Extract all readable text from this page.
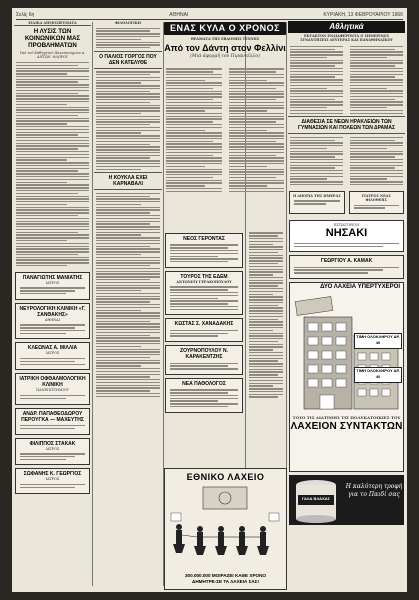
Σελίς 6η	ΑΘΗΝΑΙ	ΚΥΡΙΑΚΗ, 13 ΦΕΒΡΟΥΑΡΙΟΥ 1966
ΕΙΔΙΚΑ ΔΗΜΟΣΙΕΥΜΑΤΑ
Η ΛΥΣΙΣ ΤΩΝ ΚΟΙΝΩΝΙΚΩΝ ΜΑΣ ΠΡΟΒΛΗΜΑΤΩΝ
Υπό τού Καθηγητού Πανεπιστημίου κ. ΑΝΤΩΝ. ΦΛΩΡΟΥ
ΠΑΝΑΓΙΩΤΗΣ ΜΑΝΙΑΤΗΣ
ΙΑΤΡΟΣ
ΝΕΥΡΟΛΟΓΙΚΗ ΚΛΙΝΙΚΗ «Γ. ΣΑΝΘΑΚΗΣ»
ΑΘΗΝΑΙ
ΚΛΕΩΝΑΣ Α. ΜΙΛΛΙΑ
ΙΑΤΡΟΣ
ΙΑΤΡΙΚΗ ΟΦΘΑΛΜΟΛΟΓΙΚΗ ΚΛΙΝΙΚΗ
ΠΑΝΕΠΙΣΤΗΜΙΟΥ
ΑΝΔΡ. ΠΑΠΑΘΕΟΔΩΡΟΥ
ΠΕΡΟΥΓΚΑ — ΜΑΧΕΥΤΗΣ
ΦΙΛΙΠΠΟΣ ΣΤΑΚΑΚ
ΙΑΤΡΟΣ
ΣΩΦΑΝΗΣ Κ. ΓΕΩΡΓΙΟΣ
ΙΑΤΡΟΣ
ΦΙΛΟΛΟΓΙΚΗ
Ο ΠΑΛΙΟΣ ΓΟΡΓΟΣ ΠΟΥ ΔΕΝ ΚΑΤΕΛΥΘΕ
Η ΚΟΥΚΛΑ ΕΧΕΙ ΚΑΡΝΑΒΑΛΙ
ΕΝΑΣ ΚΥΛΑ Ο ΧΡΟΝΟΣ
ΘΕΑΜΑΤΑ ΤΗΣ ΕΒΔΟΜΗΣ ΤΕΧΝΗΣ
Από τον Δάντη στον Φελλίνι
(Μιά άφορμή τον Πιραντέλλο)
ΝΕΟΣ ΓΕΡΟΝΤΑΣ
ΤΟΥΡΟΣ ΤΗΣ ΕΔΕΜ
ΑΝΤΩΝΙΟΥ ΓΕΡΑΚΟΠΟΥΛΟΥ
ΚΩΣΤΑΣ Σ. ΧΑΝΑΔΑΚΗΣ
ΖΟΥΡΝΟΠΟΥΛΟΥ Ν. ΚΑΡΑΚΕΝΤΖΗΣ
ΝΕΑ ΠΑΘΟΛΟΓΟΣ
ΕΘΝΙΚΟ ΛΑΧΕΙΟ
300.000.000 ΜΟΙΡΑΖΕΙ ΚΑΘΕ ΧΡΟΝΟ
ΔΗΜΗΤΡΕ-ΣΕ ΤΑ ΛΑΧΕΙΑ ΣΑΣ!
Αθλητικά
ΕΚΤΑΚΤΟΝ ΕΝΔΙΑΦΕΡΟΝΤΑ Ο ΣΗΜΕΡΙΝΟΣ ΣΥΝΑΝΤΗΣΕΙΣ ΔΕΥΤΕΡΑΣ ΚΑΙ ΠΑΝΑΘΗΝΑΪΚΟΥ
ΔΙΑΘΕΣΙΑ ΣΕ ΝΕΩΝ ΗΡΑΚΛΕΙΩΝ ΤΩΝ ΓΥΜΝΑΣΙΩΝ ΚΑΙ ΠΟΛΕΩΝ ΤΩΝ ΔΡΑΜΑΣ
Η ΑΠΟΡΙΑ ΤΗΣ ΗΜΕΡΑΣ	ΓΙΑΤΡΟΣ ΝΕΑΣ ΦΙΛΟΘΕΗΣ
ΕΣΤΙΑΤΟΡΙΟΝ
ΝΗΣΑΚΙ
ΓΕΩΡΓΙΟΥ Α. ΚΑΜΑΚ
ΔΥΟ ΛΑΧΕΙΑ ΥΠΕΡΤΥΧΕΡΟΙ
ΤΙΜΗ ΟΛΟΚΛΗΡΟΥ ΔΡ. 40
ΤΙΜΗ ΟΛΟΚΛΗΡΟΥ ΔΡ. 40
ΤΟΣΟ ΤΙΣ ΔΙΑΤΙΜΗΣ ΤΙΣ ΠΟΛΥΚΑΤΟΙΚΙΕΣ ΤΟΥ
ΛΑΧΕΙΟΝ ΣΥΝΤΑΚΤΩΝ
ΓΑΛΑ ΒΛΑΧΑΣ
Η καλύτερη τροφή για το Παιδί σας
